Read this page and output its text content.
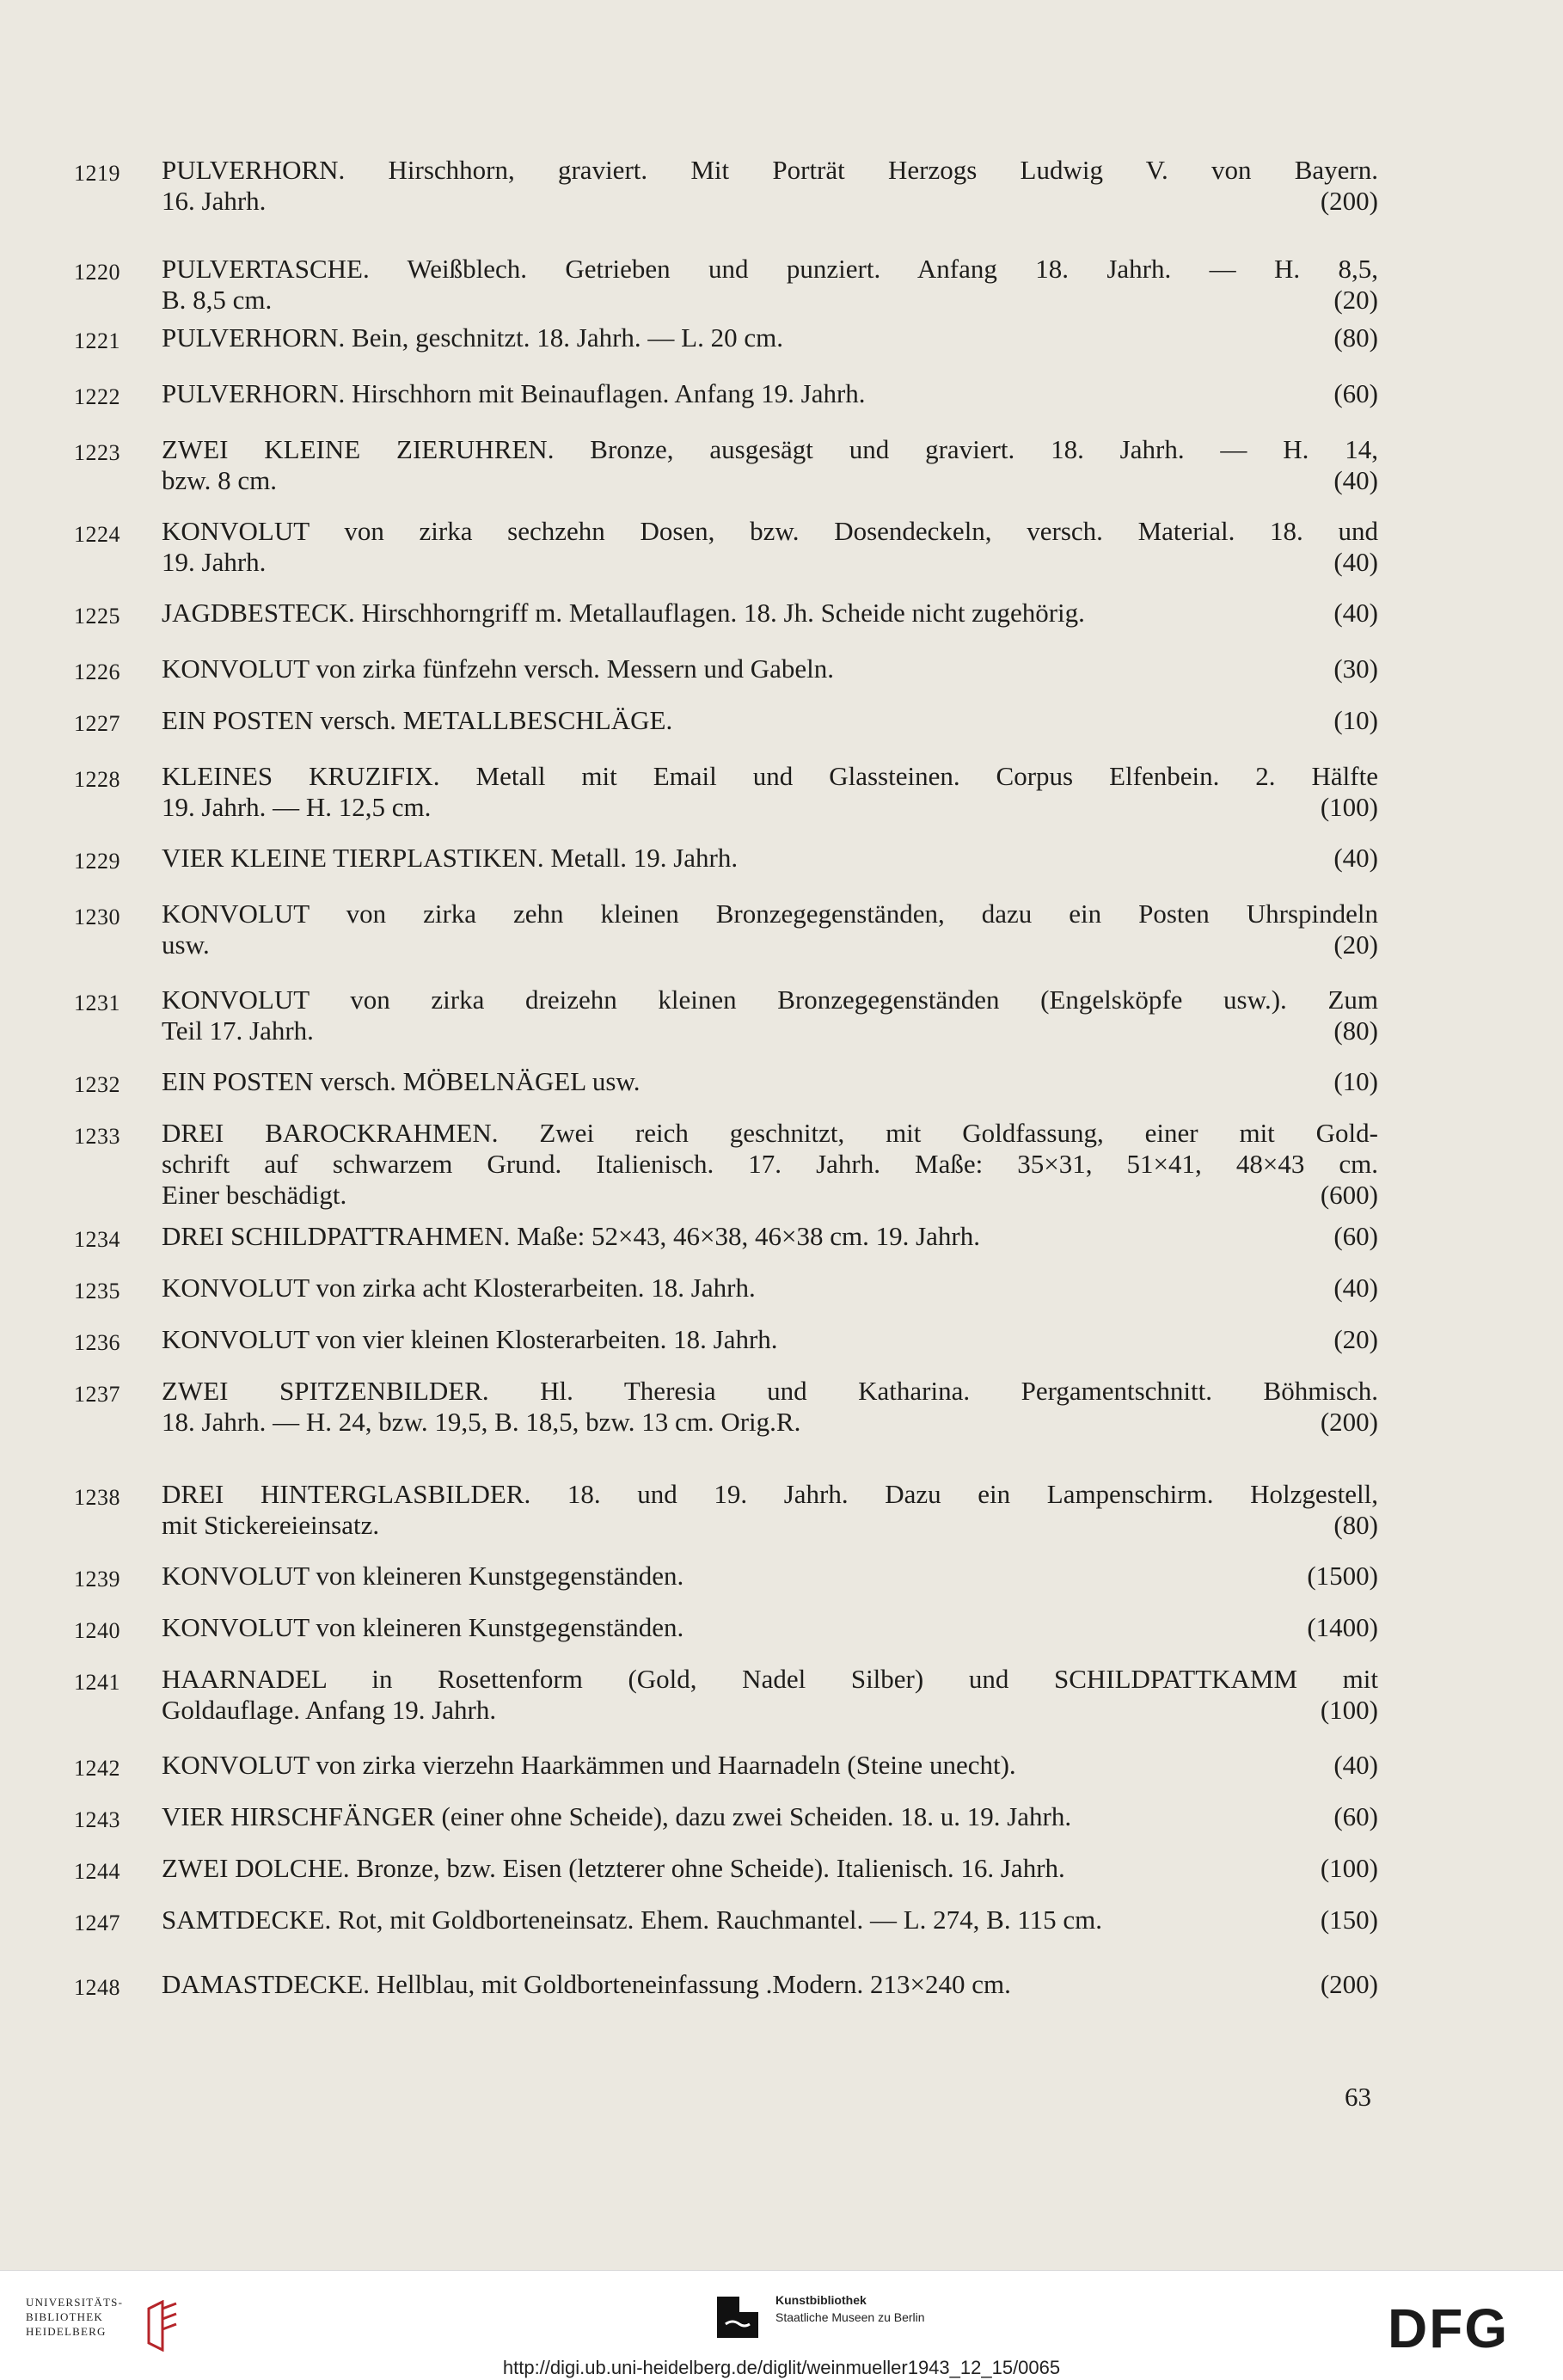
1219 PULVERHORN. Hirschhorn, graviert. Mit Porträt Herzogs Ludwig V. von Bayern.
16. Jahrh.	(200)
1220 PULVERTASCHE. Weißblech. Getrieben und punziert. Anfang 18. Jahrh. — H. 8,5,
B. 8,5 cm.	(20)
1221 PULVERHORN. Bein, geschnitzt. 18. Jahrh. — L. 20 cm.	(80)
1222 PULVERHORN. Hirschhorn mit Beinauflagen. Anfang 19. Jahrh.	(60)
1223 ZWEI KLEINE ZIERUHREN. Bronze, ausgesägt und graviert. 18. Jahrh. — H. 14,
bzw. 8 cm.	(40)
1224 KONVOLUT von zirka sechzehn Dosen, bzw. Dosendeckeln, versch. Material. 18. und
19. Jahrh.	(40)
1225 JAGDBESTECK. Hirschhorngriff m. Metallauflagen. 18. Jh. Scheide nicht zugehörig.	(40)
1226 KONVOLUT von zirka fünfzehn versch. Messern und Gabeln.	(30)
1227 EIN POSTEN versch. METALLBESCHLÄGE.	(10)
1228 KLEINES KRUZIFIX. Metall mit Email und Glassteinen. Corpus Elfenbein. 2. Hälfte
19. Jahrh. — H. 12,5 cm.	(100)
1229 VIER KLEINE TIERPLASTIKEN. Metall. 19. Jahrh.	(40)
1230 KONVOLUT von zirka zehn kleinen Bronzegegenständen, dazu ein Posten Uhrspindeln
usw.	(20)
1231 KONVOLUT von zirka dreizehn kleinen Bronzegegenständen (Engelsköpfe usw.). Zum
Teil 17. Jahrh.	(80)
1232 EIN POSTEN versch. MÖBELNÄGEL usw.	(10)
1233 DREI BAROCKRAHMEN. Zwei reich geschnitzt, mit Goldfassung, einer mit Gold-
schrift auf schwarzem Grund. Italienisch. 17. Jahrh. Maße: 35×31, 51×41, 48×43 cm.
Einer beschädigt.	(600)
1234 DREI SCHILDPATTRAHMEN. Maße: 52×43, 46×38, 46×38 cm. 19. Jahrh.	(60)
1235 KONVOLUT von zirka acht Klosterarbeiten. 18. Jahrh.	(40)
1236 KONVOLUT von vier kleinen Klosterarbeiten. 18. Jahrh.	(20)
1237 ZWEI SPITZENBILDER. Hl. Theresia und Katharina. Pergamentschnitt. Böhmisch.
18. Jahrh. — H. 24, bzw. 19,5, B. 18,5, bzw. 13 cm. Orig.R.	(200)
1238 DREI HINTERGLASBILDER. 18. und 19. Jahrh. Dazu ein Lampenschirm. Holzgestell,
mit Stickereieinsatz.	(80)
1239 KONVOLUT von kleineren Kunstgegenständen.	(1500)
1240 KONVOLUT von kleineren Kunstgegenständen.	(1400)
1241 HAARNADEL in Rosettenform (Gold, Nadel Silber) und SCHILDPATTKAMM mit
Goldauflage. Anfang 19. Jahrh.	(100)
1242 KONVOLUT von zirka vierzehn Haarkämmen und Haarnadeln (Steine unecht).	(40)
1243 VIER HIRSCHFÄNGER (einer ohne Scheide), dazu zwei Scheiden. 18. u. 19. Jahrh.	(60)
1244 ZWEI DOLCHE. Bronze, bzw. Eisen (letzterer ohne Scheide). Italienisch. 16. Jahrh.	(100)
1247 SAMTDECKE. Rot, mit Goldborteneinsatz. Ehem. Rauchmantel. — L. 274, B. 115 cm.	(150)
1248 DAMASTDECKE. Hellblau, mit Goldborteneinfassung .Modern. 213×240 cm.	(200)
63
UNIVERSITÄTS-
BIBLIOTHEK
HEIDELBERG
Kunstbibliothek
Staatliche Museen zu Berlin	DFG
http://digi.ub.uni-heidelberg.de/diglit/weinmueller1943_12_15/0065
